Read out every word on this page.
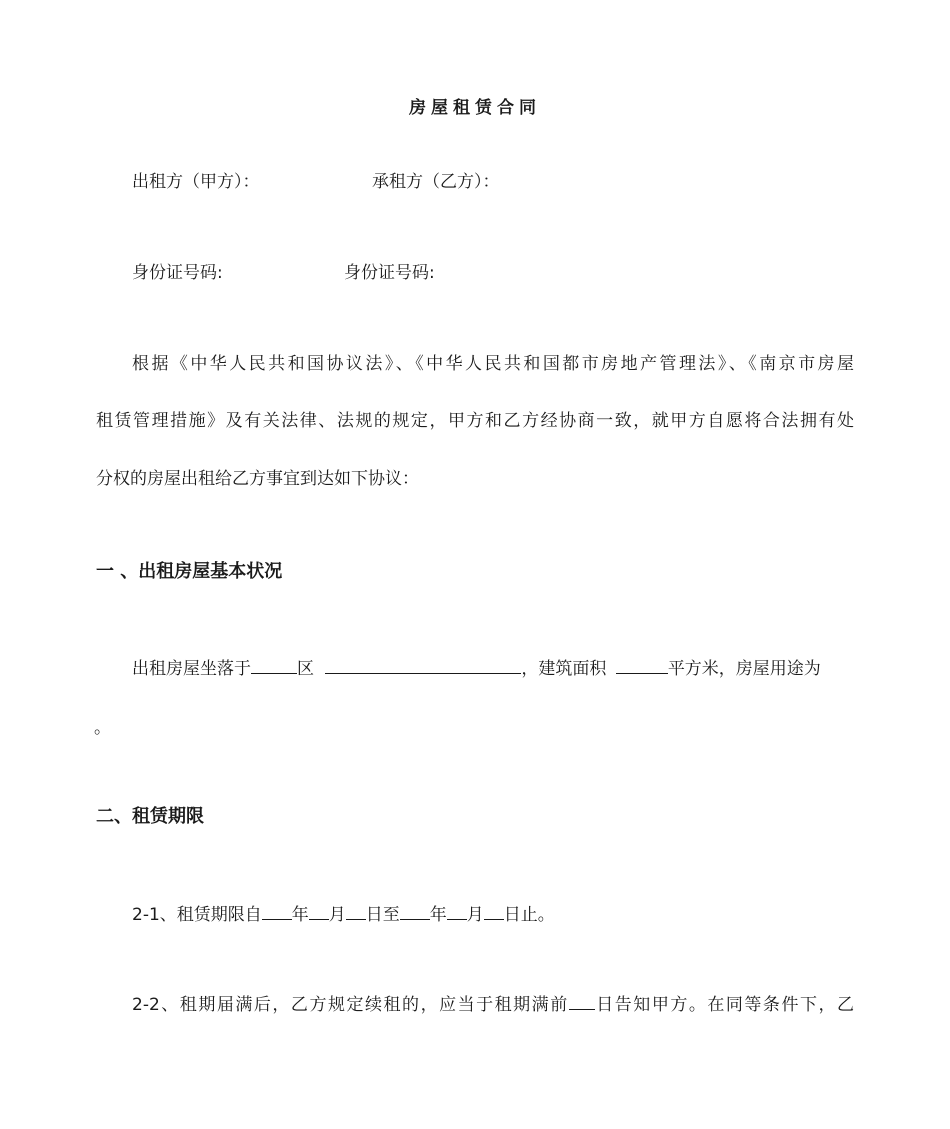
房屋租赁合同
出租方（甲方）：	承租方（乙方）：
身份证号码:	身份证号码:
根据《中华人民共和国协议法》、《中华人民共和国都市房地产管理法》、《南京市房屋
租赁管理措施》及有关法律、法规的规定，甲方和乙方经协商一致，就甲方自愿将合法拥有处
分权的房屋出租给乙方事宜到达如下协议：
一 、出租房屋基本状况
出租房屋坐落于	区	，建筑面积	平方米，房屋用途为
。
二、租赁期限
2-1、租赁期限自 年 月 日至 年 月 日止。
2-2、租期届满后，乙方规定续租的，应当于租期满前 日告知甲方。在同等条件下，乙
